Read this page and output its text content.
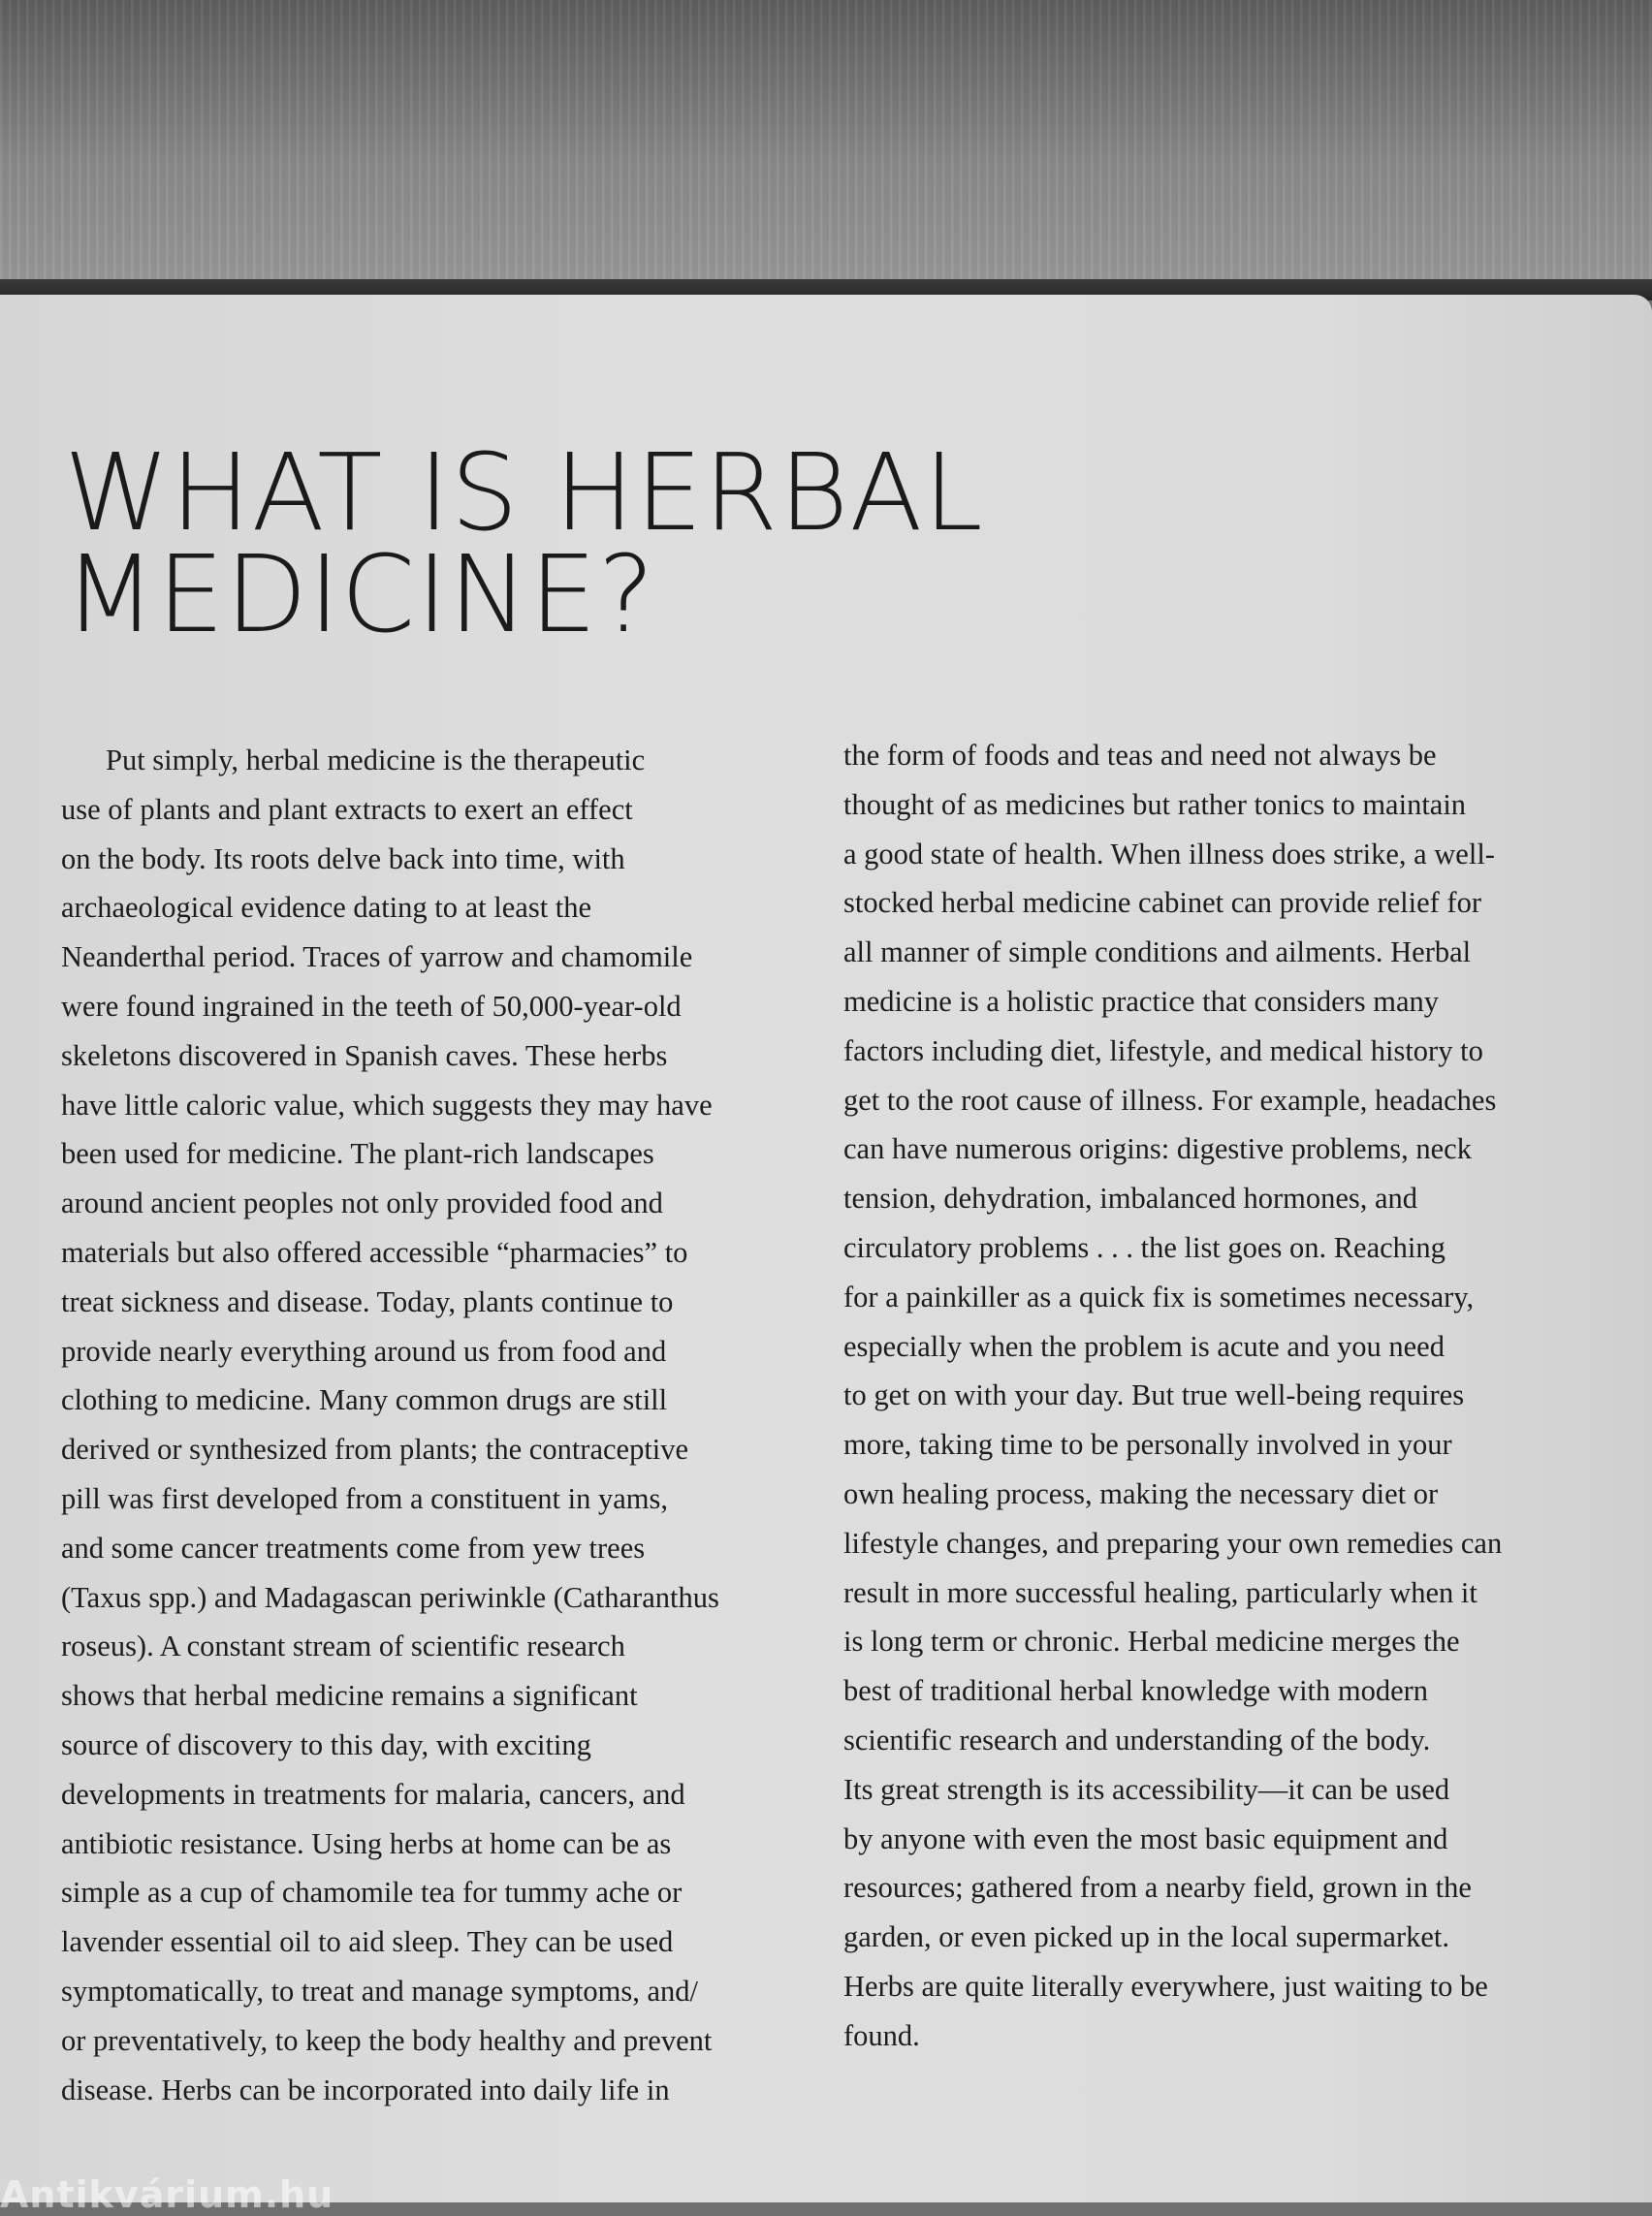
WHAT IS HERBAL
MEDICINE?
Put simply, herbal medicine is the therapeutic
use of plants and plant extracts to exert an effect
on the body. Its roots delve back into time, with
archaeological evidence dating to at least the
Neanderthal period. Traces of yarrow and chamomile
were found ingrained in the teeth of 50,000-year-old
skeletons discovered in Spanish caves. These herbs
have little caloric value, which suggests they may have
been used for medicine. The plant-rich landscapes
around ancient peoples not only provided food and
materials but also offered accessible “pharmacies” to
treat sickness and disease. Today, plants continue to
provide nearly everything around us from food and
clothing to medicine. Many common drugs are still
derived or synthesized from plants; the contraceptive
pill was first developed from a constituent in yams,
and some cancer treatments come from yew trees
(Taxus spp.) and Madagascan periwinkle (Catharanthus
roseus). A constant stream of scientific research
shows that herbal medicine remains a significant
source of discovery to this day, with exciting
developments in treatments for malaria, cancers, and
antibiotic resistance. Using herbs at home can be as
simple as a cup of chamomile tea for tummy ache or
lavender essential oil to aid sleep. They can be used
symptomatically, to treat and manage symptoms, and/
or preventatively, to keep the body healthy and prevent
disease. Herbs can be incorporated into daily life in
the form of foods and teas and need not always be
thought of as medicines but rather tonics to maintain
a good state of health. When illness does strike, a well-
stocked herbal medicine cabinet can provide relief for
all manner of simple conditions and ailments. Herbal
medicine is a holistic practice that considers many
factors including diet, lifestyle, and medical history to
get to the root cause of illness. For example, headaches
can have numerous origins: digestive problems, neck
tension, dehydration, imbalanced hormones, and
circulatory problems . . . the list goes on. Reaching
for a painkiller as a quick fix is sometimes necessary,
especially when the problem is acute and you need
to get on with your day. But true well-being requires
more, taking time to be personally involved in your
own healing process, making the necessary diet or
lifestyle changes, and preparing your own remedies can
result in more successful healing, particularly when it
is long term or chronic. Herbal medicine merges the
best of traditional herbal knowledge with modern
scientific research and understanding of the body.
Its great strength is its accessibility—it can be used
by anyone with even the most basic equipment and
resources; gathered from a nearby field, grown in the
garden, or even picked up in the local supermarket.
Herbs are quite literally everywhere, just waiting to be
found.
Antikvárium.hu
